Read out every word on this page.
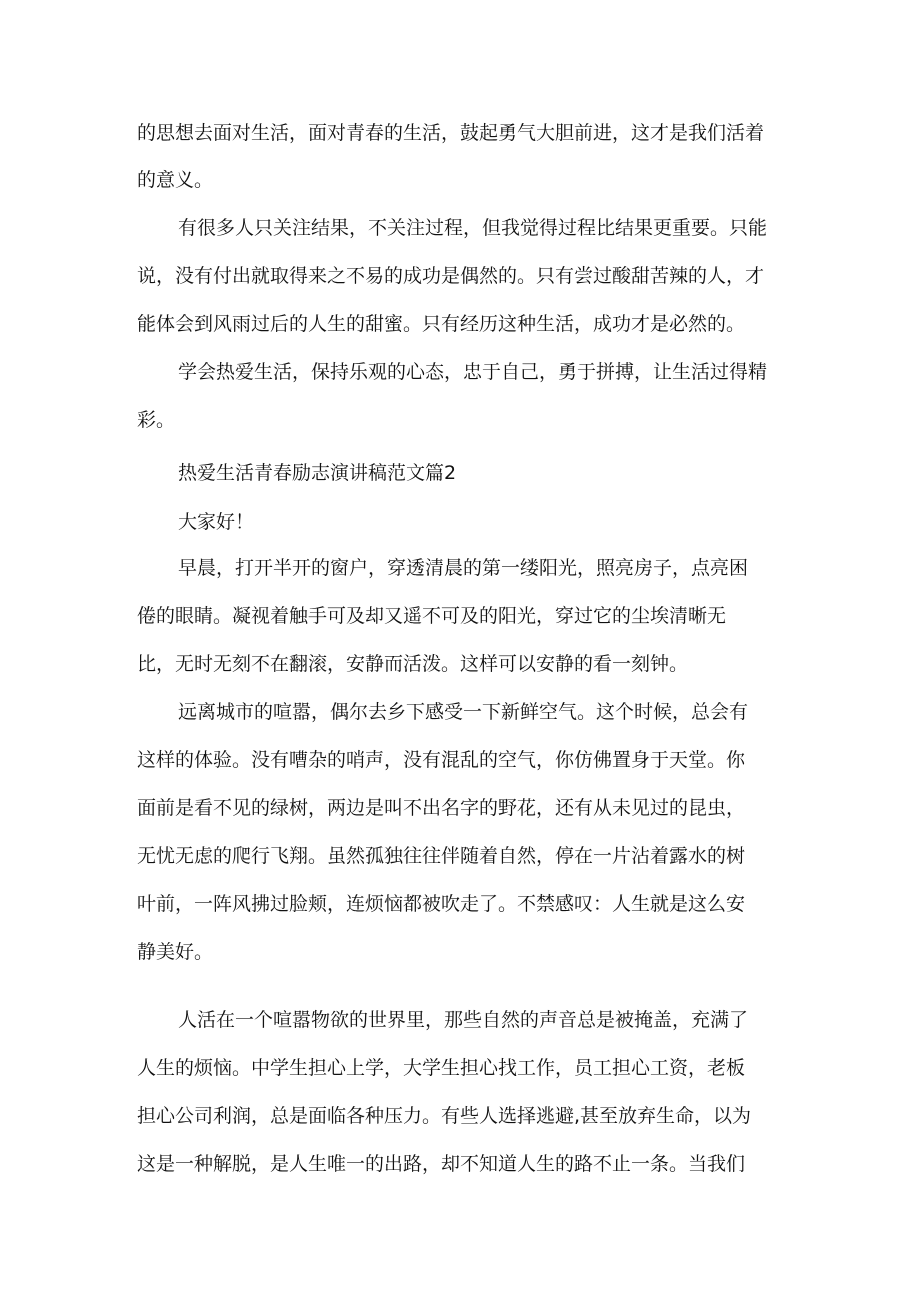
的思想去面对生活，面对青春的生活，鼓起勇气大胆前进，这才是我们活着
的意义。
有很多人只关注结果，不关注过程，但我觉得过程比结果更重要。只能
说，没有付出就取得来之不易的成功是偶然的。只有尝过酸甜苦辣的人，才
能体会到风雨过后的人生的甜蜜。只有经历这种生活，成功才是必然的。
学会热爱生活，保持乐观的心态，忠于自己，勇于拼搏，让生活过得精
彩。
热爱生活青春励志演讲稿范文篇2
大家好！
早晨，打开半开的窗户，穿透清晨的第一缕阳光，照亮房子，点亮困
倦的眼睛。凝视着触手可及却又遥不可及的阳光，穿过它的尘埃清晰无
比，无时无刻不在翻滚，安静而活泼。这样可以安静的看一刻钟。
远离城市的喧嚣，偶尔去乡下感受一下新鲜空气。这个时候，总会有
这样的体验。没有嘈杂的哨声，没有混乱的空气，你仿佛置身于天堂。你
面前是看不见的绿树，两边是叫不出名字的野花，还有从未见过的昆虫，
无忧无虑的爬行飞翔。虽然孤独往往伴随着自然，停在一片沾着露水的树
叶前，一阵风拂过脸颊，连烦恼都被吹走了。不禁感叹：人生就是这么安
静美好。
人活在一个喧嚣物欲的世界里，那些自然的声音总是被掩盖，充满了
人生的烦恼。中学生担心上学，大学生担心找工作，员工担心工资，老板
担心公司利润，总是面临各种压力。有些人选择逃避,甚至放弃生命，以为
这是一种解脱，是人生唯一的出路，却不知道人生的路不止一条。当我们
